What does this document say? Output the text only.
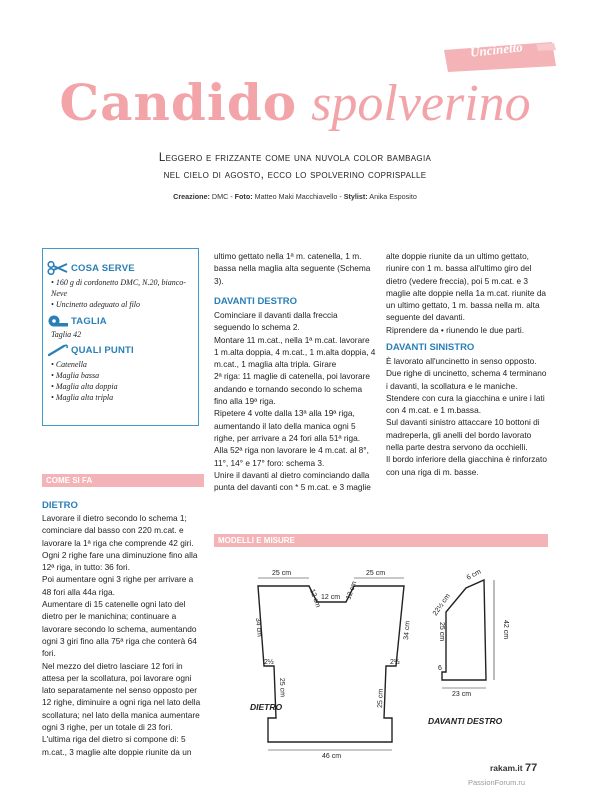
Uncinetto
Candido spolverino
Leggero e frizzante come una nuvola color bambagia
nel cielo di agosto, ecco lo spolverino coprispalle
Creazione: DMC - Foto: Matteo Maki Macchiavello - Stylist: Anika Esposito
COSA SERVE
• 160 g di cordonetto DMC, N.20, bianco-Neve
• Uncinetto adeguato al filo
TAGLIA
Taglia 42
QUALI PUNTI
• Catenella
• Maglia bassa
• Maglia alta doppia
• Maglia alta tripla
COME SI FA
DIETRO

Lavorare il dietro secondo lo schema 1; cominciare dal basso con 220 m.cat. e lavorare la 1ª riga che comprende 42 giri.

Ogni 2 righe fare una diminuzione fino alla 12ª riga, in tutto: 36 fori.

Poi aumentare ogni 3 righe per arrivare a 48 fori alla 44a riga.

Aumentare di 15 catenelle ogni lato del dietro per le manichina; continuare a lavorare secondo lo schema, aumentando ogni 3 giri fino alla 75ª riga che conterà 64 fori.

Nel mezzo del dietro lasciare 12 fori in attesa per la scollatura, poi lavorare ogni lato separatamente nel senso opposto per 12 righe, diminuire a ogni riga nel lato della scollatura; nel lato della manica aumentare ogni 3 righe, per un totale di 23 fori.

L'ultima riga del dietro si compone di: 5 m.cat., 3 maglie alte doppie riunite da un

ultimo gettato nella 1ª m. catenella, 1 m. bassa nella maglia alta seguente (Schema 3).
DAVANTI DESTRO

Cominciare il davanti dalla freccia seguendo lo schema 2.

Montare 11 m.cat., nella 1ª m.cat. lavorare 1 m.alta doppia, 4 m.cat., 1 m.alta doppia, 4 m.cat., 1 maglia alta tripla. Girare

2ª riga: 11 maglie di catenella, poi lavorare andando e tornando secondo lo schema fino alla 19ª riga.

Ripetere 4 volte dalla 13ª alla 19ª riga, aumentando il lato della manica ogni 5 righe, per arrivare a 24 fori alla 51ª riga.

Alla 52ª riga non lavorare le 4 m.cat. al 8°, 11°, 14° e 17° foro: schema 3.

Unire il davanti al dietro cominciando dalla punta del davanti con * 5 m.cat. e 3 maglie

alte doppie riunite da un ultimo gettato, riunire con 1 m. bassa all'ultimo giro del dietro (vedere freccia), poi 5 m.cat. e 3 maglie alte doppie nella 1a m.cat. riunite da un ultimo gettato, 1 m. bassa nella m. alta seguente del davanti.

Riprendere da • riunendo le due parti.

DAVANTI SINISTRO

È lavorato all'uncinetto in senso opposto.

Due righe di uncinetto, schema 4 terminano i davanti, la scollatura e le maniche.

Stendere con cura la giacchina e unire i lati con 4 m.cat. e 1 m.bassa.

Sul davanti sinistro attaccare 10 bottoni di madreperla, gli anelli del bordo lavorato nella parte destra servono da occhielli.

Il bordo inferiore della giacchina è rinforzato con una riga di m. basse.

MODELLI E MISURE
25 cm	25 cm
12 cm	12 cm
12 cm
34 cm	34 cm
2½	2½
25 cm
25 cm
46 cm
DIETRO
6 cm
22½ cm
25 cm
6
42 cm
23 cm
DAVANTI DESTRO
rakam.it 77
PassionForum.ru
